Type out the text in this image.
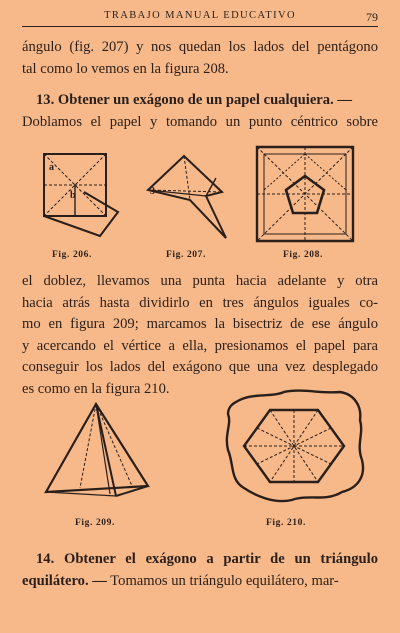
TRABAJO MANUAL EDUCATIVO	79
ángulo (fig. 207) y nos quedan los lados del pentágono
tal como lo vemos en la figura 208.
13. Obtener un exágono de un papel cualquiera. —
Doblamos el papel y tomando un punto céntrico sobre
a
b
Fig. 206.
3
Fig. 207.	Fig. 208.
el doblez, llevamos una punta hacia adelante y otra
hacia atrás hasta dividirlo en tres ángulos iguales co-
mo en figura 209; marcamos la bisectriz de ese ángulo
y acercando el vértice a ella, presionamos el papel para
conseguir los lados del exágono que una vez desplegado
es como en la figura 210.
Fig. 209.	Fig. 210.
14. Obtener el exágono a partir de un triángulo
equilátero. — Tomamos un triángulo equilátero, mar-
